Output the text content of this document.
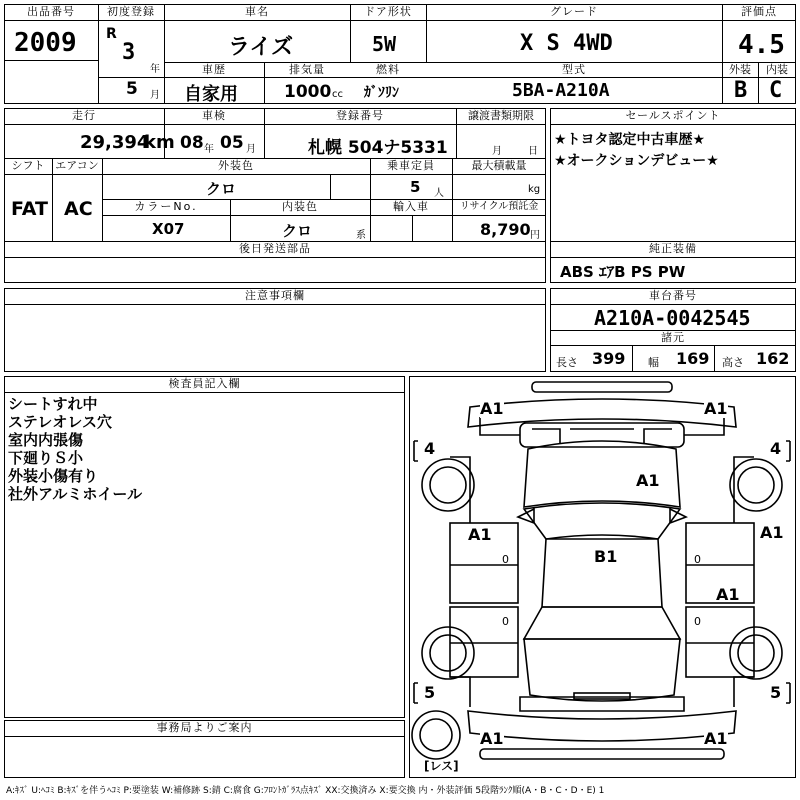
出品番号
2009
初度登録
R
3
年
5 月
車名
ライズ
ドア形状
5W
グレード
X S 4WD
評価点
4.5
車歴
自家用
排気量
1000 cc
燃料
ｶﾞｿﾘﾝ
型式
5BA-A210A
外装	内装
B C
走行
29,394
km
車検
08 年 05 月
登録番号
札幌 504ナ5331
譲渡書類期限
月	日
シフト
FAT
エアコン
AC
外装色
クロ
乗車定員
5 人
最大積載量
kg
カラーNo.
X07
内装色
クロ	系
輸入車	リサイクル預託金
8,790 円
セールスポイント
★トヨタ認定中古車歴★
★オークションデビュー★
後日発送部品	純正装備
ABS ｴｱB PS PW
注意事項欄	車台番号
A210A-0042545
諸元
長さ 399 幅 169 高さ 162
検査員記入欄
シートすれ中
ステレオレス穴
室内内張傷
下廻りＳ小
外装小傷有り
社外アルミホイール
事務局よりご案内
A1	A1
A1
A1	A1
B1
A1
A1	A1
4	4
5	5
0
0
0
0
[レス]
A:ｷｽﾞ U:ﾍｺﾐ B:ｷｽﾞを伴うﾍｺﾐ P:要塗装 W:補修跡 S:錆 C:腐食 G:ﾌﾛﾝﾄｶﾞﾗｽ点ｷｽﾞ XX:交換済み X:要交換 内・外装評価 5段階ﾗﾝｸ順(A・B・C・D・E) 1
